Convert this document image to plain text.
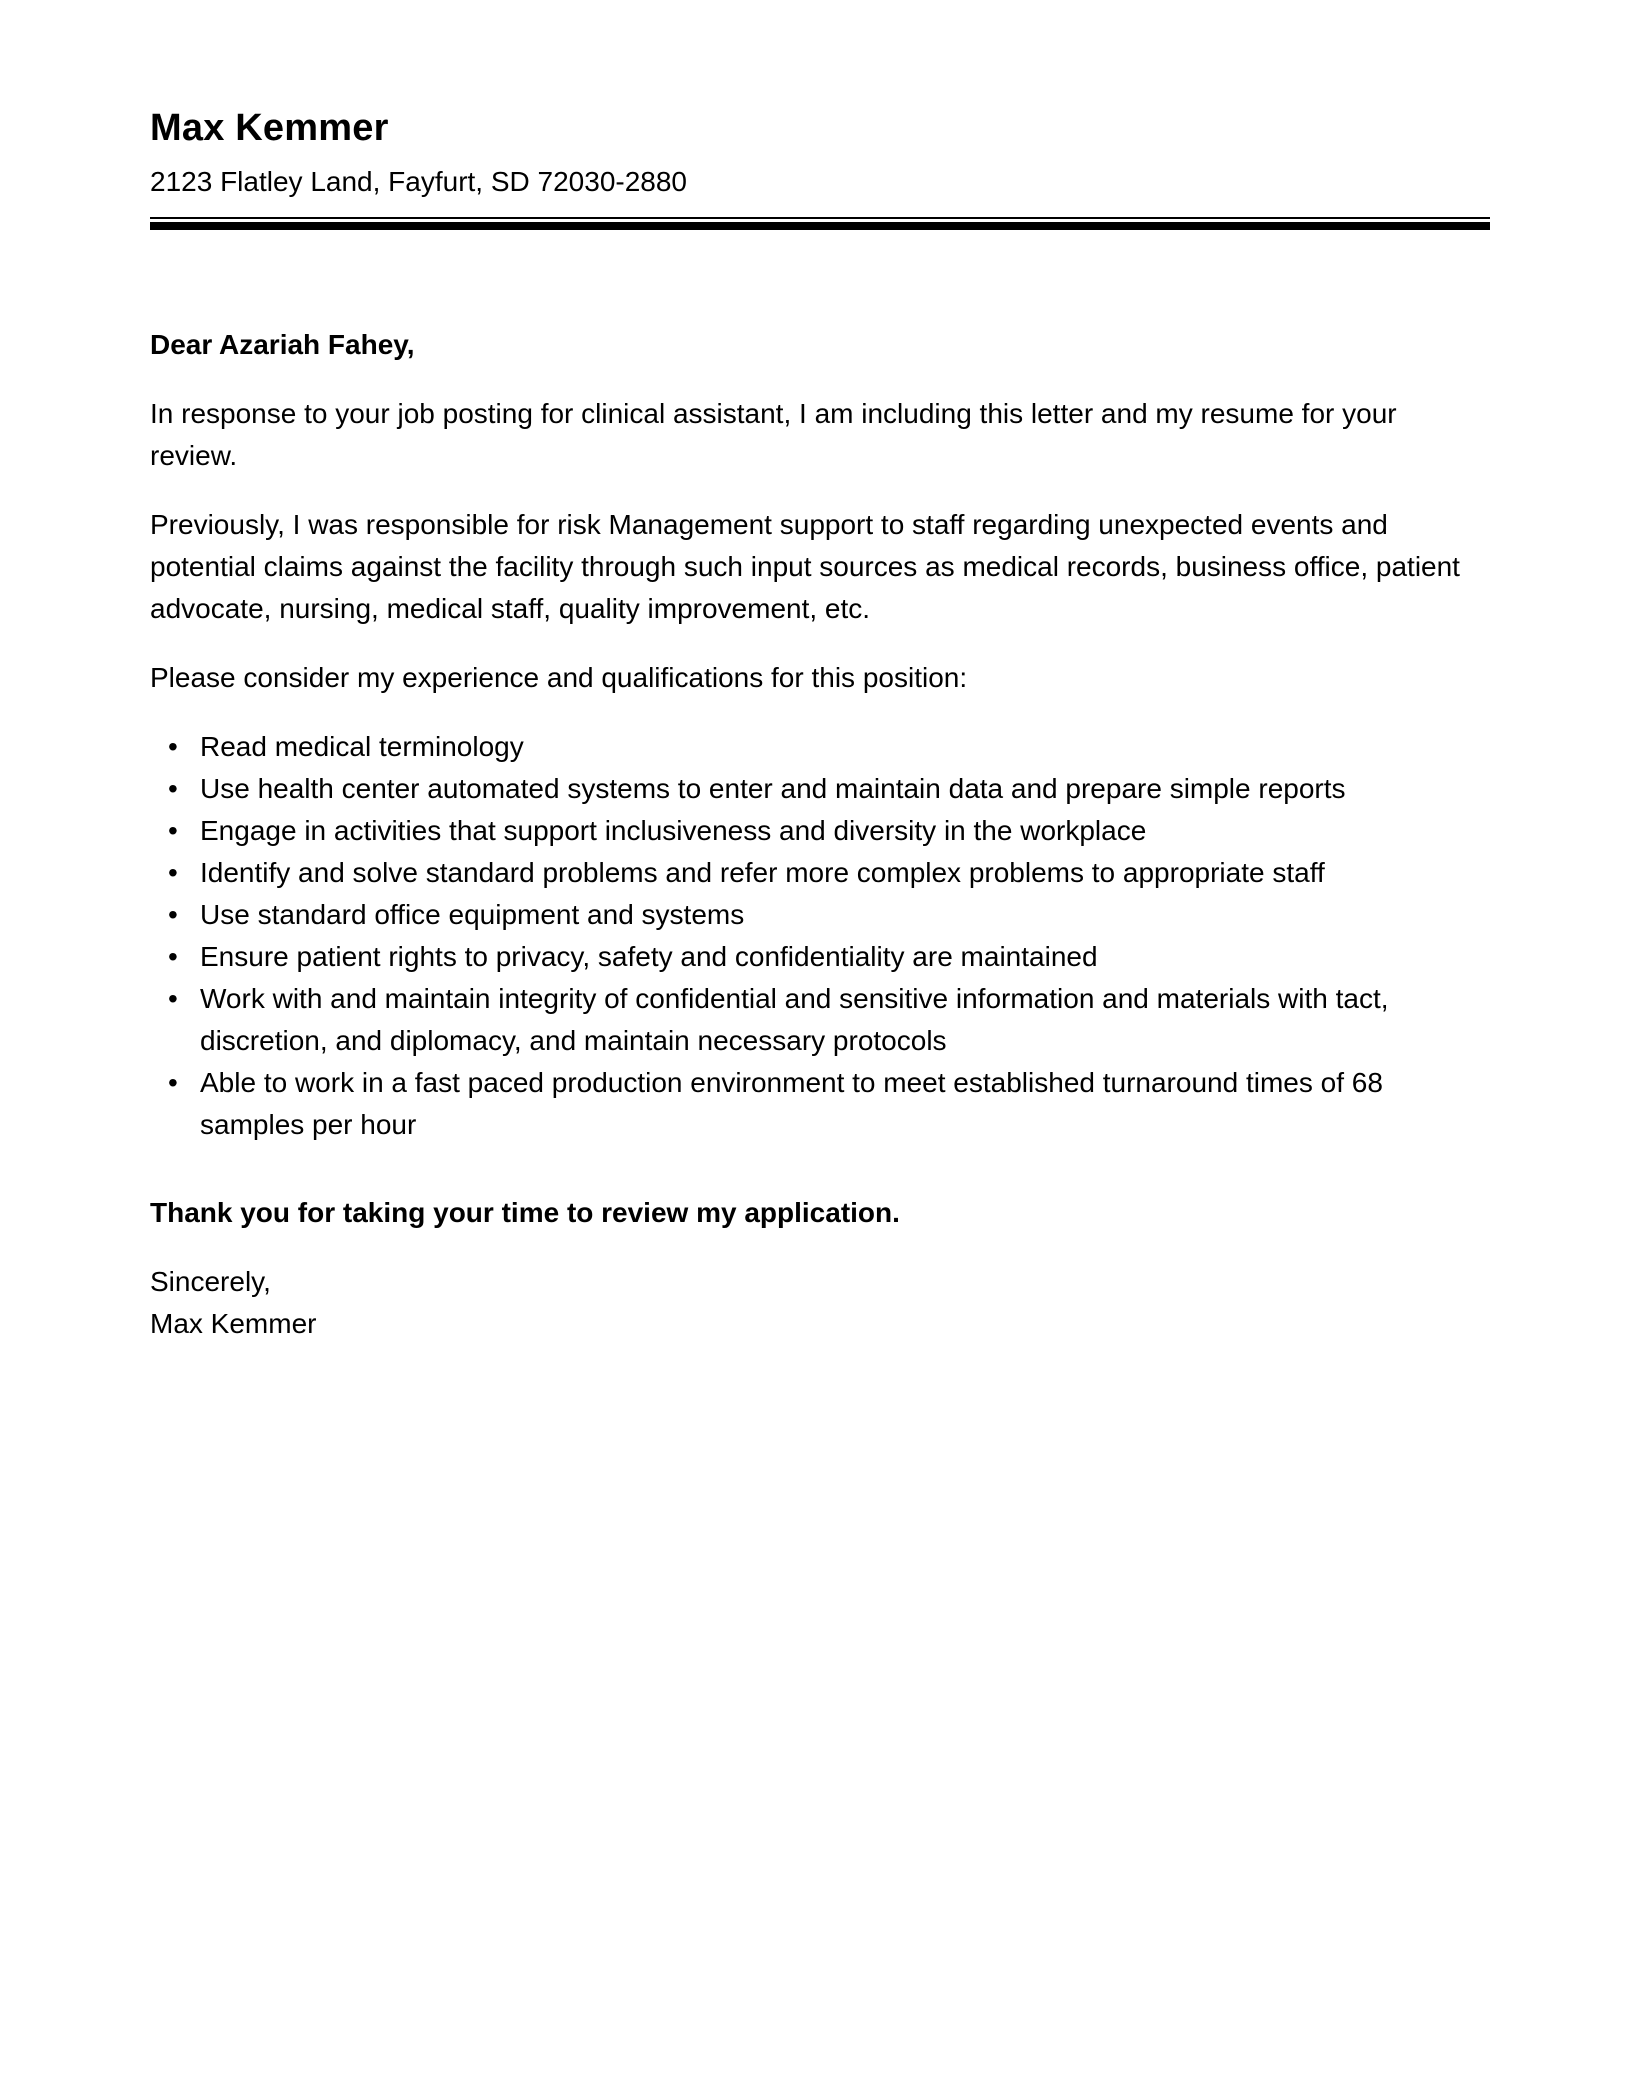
Max Kemmer
2123 Flatley Land, Fayfurt, SD 72030-2880

Dear Azariah Fahey,

In response to your job posting for clinical assistant, I am including this letter and my resume for your review.

Previously, I was responsible for risk Management support to staff regarding unexpected events and potential claims against the facility through such input sources as medical records, business office, patient advocate, nursing, medical staff, quality improvement, etc.

Please consider my experience and qualifications for this position:

• Read medical terminology
• Use health center automated systems to enter and maintain data and prepare simple reports
• Engage in activities that support inclusiveness and diversity in the workplace
• Identify and solve standard problems and refer more complex problems to appropriate staff
• Use standard office equipment and systems
• Ensure patient rights to privacy, safety and confidentiality are maintained
• Work with and maintain integrity of confidential and sensitive information and materials with tact, discretion, and diplomacy, and maintain necessary protocols
• Able to work in a fast paced production environment to meet established turnaround times of 68 samples per hour

Thank you for taking your time to review my application.

Sincerely,
Max Kemmer
